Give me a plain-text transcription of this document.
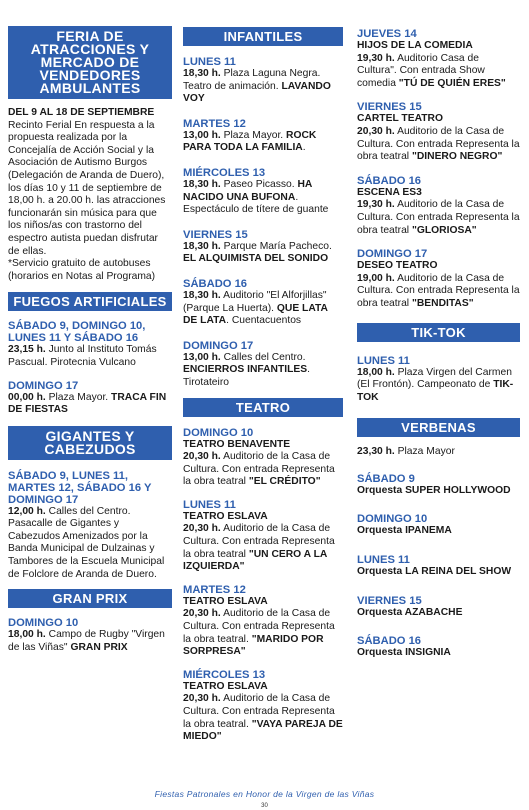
FERIA DE ATRACCIONES Y MERCADO DE VENDEDORES AMBULANTES
DEL 9 AL 18 DE SEPTIEMBRE
Recinto Ferial En respuesta a la propuesta realizada por la Concejalía de Acción Social y la Asociación de Autismo Burgos (Delegación de Aranda de Duero), los días 10 y 11 de septiembre de 18,00 h. a 20.00 h. las atracciones funcionarán sin música para que los niños/as con trastorno del espectro autista puedan disfrutar de ellas.
*Servicio gratuito de autobuses (horarios en Notas al Programa)
FUEGOS ARTIFICIALES
SÁBADO 9, DOMINGO 10, LUNES 11 Y SÁBADO 16
23,15 h. Junto al Instituto Tomás Pascual. Pirotecnia Vulcano
DOMINGO 17
00,00 h. Plaza Mayor. TRACA FIN DE FIESTAS
GIGANTES Y CABEZUDOS
SÁBADO 9, LUNES 11, MARTES 12, SÁBADO 16 Y DOMINGO 17
12,00 h. Calles del Centro. Pasacalle de Gigantes y Cabezudos Amenizados por la Banda Municipal de Dulzainas y Tambores de la Escuela Municipal de Folclore de Aranda de Duero.
GRAN PRIX
DOMINGO 10
18,00 h. Campo de Rugby "Virgen de las Viñas" GRAN PRIX
INFANTILES
LUNES 11
18,30 h. Plaza Laguna Negra. Teatro de animación. LAVANDO VOY
MARTES 12
13,00 h. Plaza Mayor. ROCK PARA TODA LA FAMILIA.
MIÉRCOLES 13
18,30 h. Paseo Picasso. HA NACIDO UNA BUFONA. Espectáculo de títere de guante
VIERNES 15
18,30 h. Parque María Pacheco. EL ALQUIMISTA DEL SONIDO
SÁBADO 16
18,30 h. Auditorio "El Alforjillas" (Parque La Huerta). QUE LATA DE LATA. Cuentacuentos
DOMINGO 17
13,00 h. Calles del Centro. ENCIERROS INFANTILES. Tirotateiro
TEATRO
DOMINGO 10
TEATRO BENAVENTE
20,30 h. Auditorio de la Casa de Cultura. Con entrada Representa la obra teatral "EL CRÉDITO"
LUNES 11
TEATRO ESLAVA
20,30 h. Auditorio de la Casa de Cultura. Con entrada Representa la obra teatral "UN CERO A LA IZQUIERDA"
MARTES 12
TEATRO ESLAVA
20,30 h. Auditorio de la Casa de Cultura. Con entrada Representa la obra teatral. "MARIDO POR SORPRESA"
MIÉRCOLES 13
TEATRO ESLAVA
20,30 h. Auditorio de la Casa de Cultura. Con entrada Representa la obra teatral. "VAYA PAREJA DE MIEDO"
JUEVES 14
HIJOS DE LA COMEDIA
19,30 h. Auditorio Casa de Cultura". Con entrada Show comedia "TÚ DE QUIÉN ERES"
VIERNES 15
CARTEL TEATRO
20,30 h. Auditorio de la Casa de Cultura. Con entrada Representa la obra teatral "DINERO NEGRO"
SÁBADO 16
ESCENA ES3
19,30 h. Auditorio de la Casa de Cultura. Con entrada Representa la obra teatral "GLORIOSA"
DOMINGO 17
DESEO TEATRO
19,00 h. Auditorio de la Casa de Cultura. Con entrada Representa la obra teatral "BENDITAS"
TIK-TOK
LUNES 11
18,00 h. Plaza Virgen del Carmen (El Frontón). Campeonato de TIK-TOK
VERBENAS
23,30 h. Plaza Mayor
SÁBADO 9
Orquesta SUPER HOLLYWOOD
DOMINGO 10
Orquesta IPANEMA
LUNES 11
Orquesta LA REINA DEL SHOW
VIERNES 15
Orquesta AZABACHE
SÁBADO 16
Orquesta INSIGNIA
Fiestas Patronales en Honor de la Virgen de las Viñas
30
